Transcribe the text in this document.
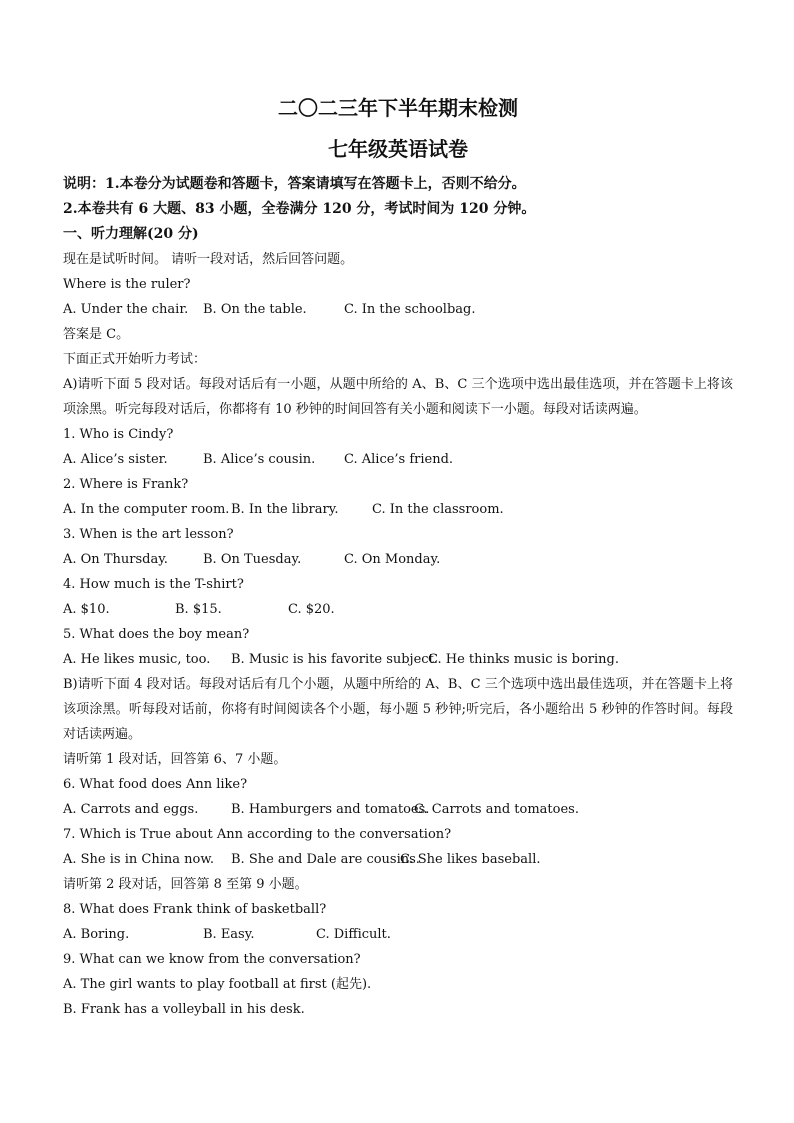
二〇二三年下半年期末检测

七年级英语试卷

说明：1.本卷分为试题卷和答题卡，答案请填写在答题卡上，否则不给分。

2.本卷共有 6 大题、83 小题，全卷满分 120 分，考试时间为 120 分钟。

一、听力理解(20 分)

现在是试听时间。 请听一段对话，然后回答问题。

Where is the ruler?

A. Under the chair.	B. On the table.	C. In the schoolbag.

答案是 C。

下面正式开始听力考试：

A)请听下面 5 段对话。每段对话后有一小题，从题中所给的 A、B、C 三个选项中选出最佳选项，并在答题卡上将该项涂黑。听完每段对话后，你都将有 10 秒钟的时间回答有关小题和阅读下一小题。每段对话读两遍。

1. Who is Cindy?

A. Alice’s sister.	B. Alice’s cousin.	C. Alice’s friend.

2. Where is Frank?

A. In the computer room. B. In the library.	C. In the classroom.

3. When is the art lesson?

A. On Thursday.	B. On Tuesday.	C. On Monday.

4. How much is the T-shirt?

A. $10.	B. $15.	C. $20.

5. What does the boy mean?

A. He likes music, too.	B. Music is his favorite subject.
C. He thinks music is boring.

B)请听下面 4 段对话。每段对话后有几个小题，从题中所给的 A、B、C 三个选项中选出最佳选项，并在答题卡上将该项涂黑。听每段对话前，你将有时间阅读各个小题，每小题 5 秒钟;听完后，各小题给出 5 秒钟的作答时间。每段对话读两遍。

请听第 1 段对话，回答第 6、7 小题。

6. What food does Ann like?

A. Carrots and eggs.	B. Hamburgers and tomatoes.
C. Carrots and tomatoes.

7. Which is True about Ann according to the conversation?

A. She is in China now.	B. She and Dale are cousins.
C. She likes baseball.

请听第 2 段对话，回答第 8 至第 9 小题。

8. What does Frank think of basketball?

A. Boring.	B. Easy.	C. Difficult.

9. What can we know from the conversation?

A. The girl wants to play football at first (起先).

B. Frank has a volleyball in his desk.
